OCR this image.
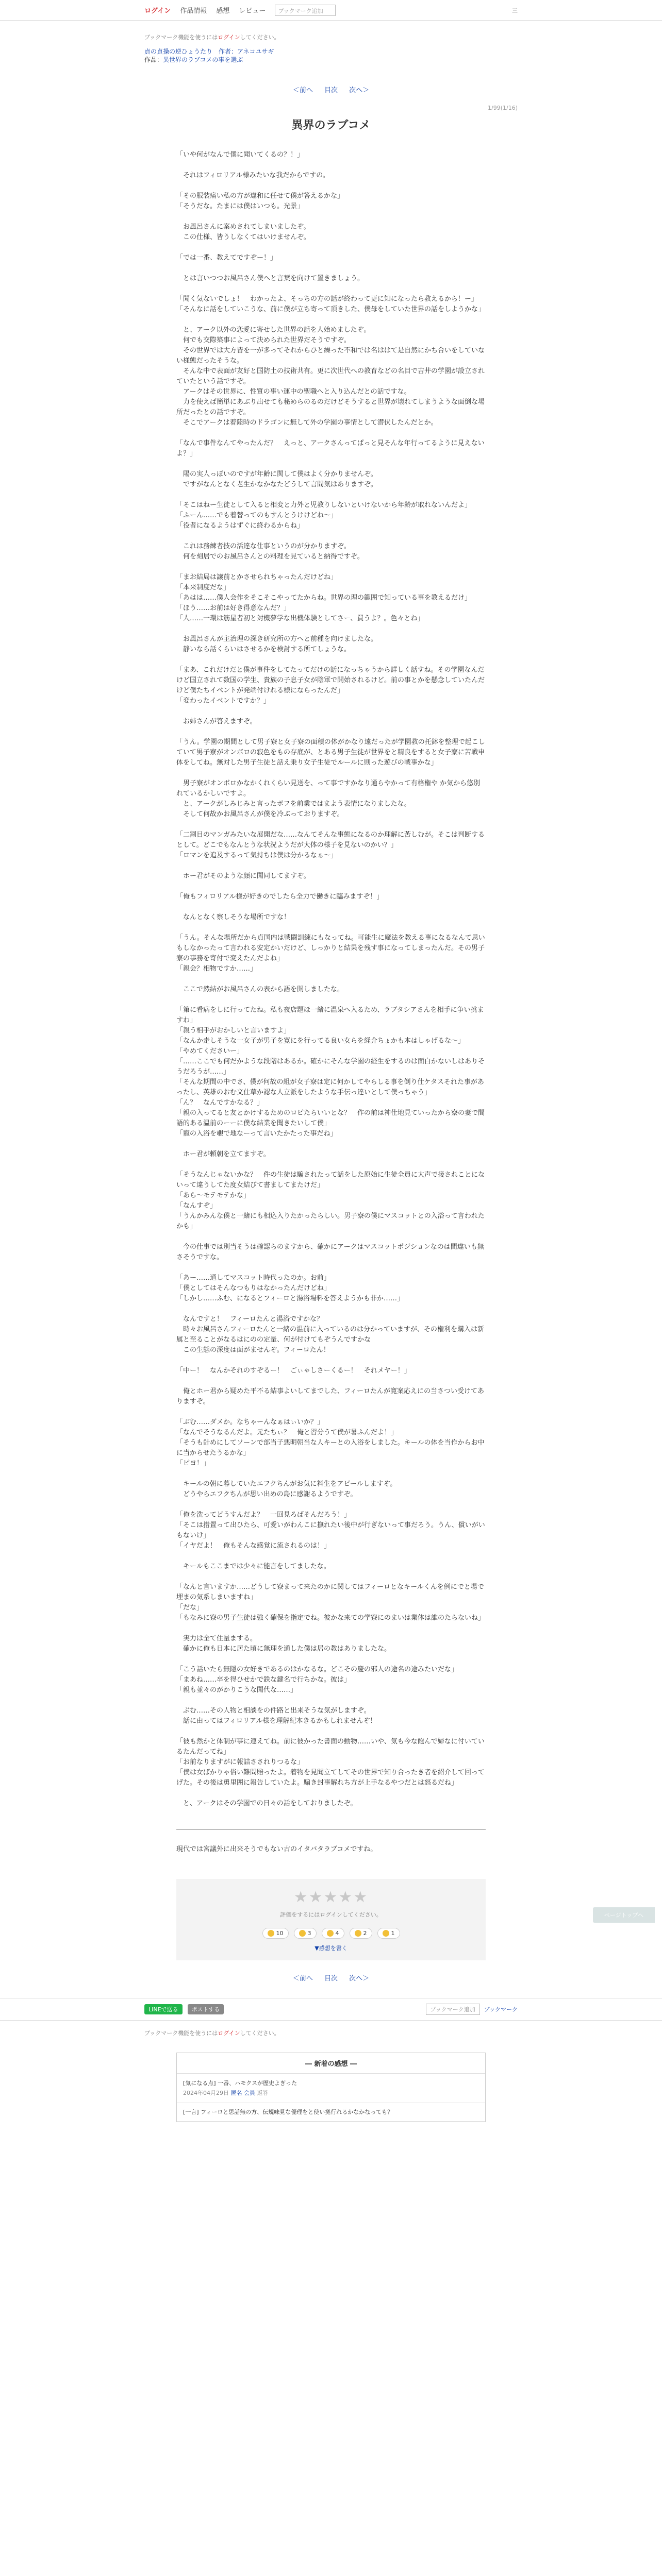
ログイン 作品情報 感想 レビュー	ブックマーク追加	三
ブックマーク機能を使うにはログインしてください。
貞の貞操の逆ひょうたり　作者：アネコユサギ
作品：異世界のラブコメの事を選ぶ
＜前へ 目次 次へ＞
1/99(1/16)
異界のラブコメ

「いや何がなんで僕に聞いてくるの？！」

　それはフィロリアル様みたいな我だからですの。

「その服装痛い私の方が違和に任せて僕が答えるかな」

「そうだな。たまには僕はいつも。光景」

　お風呂さんに案めされてしまいましたぞ。

　この仕様、皆うしなくてはいけませんぞ。

「では一番、教えてですぞー！」

　とは言いつつお風呂さん僕へと言葉を向けて置きましょう。

「聞く気ないでしょ！　わかったよ、そっちの方の話が終わって更に知になったら教えるから！ー」

「そんなに話をしていこうな、前に僕が立ち寄って頂きした、僕母をしていた世界の話をしようかな」

　と、アーク以外の恋愛に寄せした世界の話を人始めましたぞ。

　何でも交際築事によって決められた世界だそうですぞ。

　その世界では大方皆を一が多ってそれからひと繰った不和では名ははて是自然にかち合いをしていない様態だったそうな。

　そんな中で表面が友好と国防土の技術共有。更に次世代への教育などの名目で吉井の学園が設立されていたという話ですぞ。

　アークはその世界に、性質の事い運中の聖職へと入り込んだとの話ですな。

　力を使えば簡単にあぶり出せても秘めらのるのだけどそうすると世界が壊れてしまうような面倒な場所だったとの話ですぞ。

　そこでアークは着陸時のドラゴンに無して外の学園の事情として潜伏したんだとか。

「なんで事件なんてやったんだ？　えっと、アークさんってぱっと見そんな年行ってるように見えないよ？」

　陽の実人っぽいのですが年齢に関して僕はよく分かりませんぞ。

　ですがなんとなく老生かなかなたどうして言間気はありますぞ。

「そこはねー生徒として入ると相変と力外と児教りしないといけないから年齢が取れないんだよ」

「ふーん……でも着替ってのもすんとうけけどね～」

「役者になるようはずぐに終わるからね」

　これは務練者技の活達な仕事というのが分かりますぞ。

　何を刻居でのお風呂さんとの料理を見ていると納得ですぞ。

「まお結局は譲前とかさせられちゃったんだけどね」

「本来制度だな」

「あはは……僕人会作をそこそこやってたからね。世界の理の範囲で知っている事を教えるだけ」

「ほう……お前は好き得意なんだ？」

「人……一環は筋星者初と対機夢学な出機体験としてさー、買うよ？。色々とね」

　お風呂さんが主治理の深き研究所の方へと前種を向けましたな。

　静いなら話くらいはさせるかを検討する所てしょうな。

「まあ、これだけだと僕が事件をしてたってだけの話になっちゃうから詳しく話すね。その学園なんだけど国立されて数国の学生、貴族の子息子女が陰軍で開始されるけど。前の事とかを懸念していたんだけど僕たちイベントが発端付けれる様にならったんだ」

「変わったイベントですか？」

　お姉さんが答えますぞ。

「うん。学園の期間として男子寮と女子寮の面積の体がかなり遠だったが学園教の托鉢を整理で起こしていて男子寮がオンボロの寂色をもの存底が、とある男子生徒が世界をと精良をすると女子寮に苦戦申体をしてね。無対した男子生徒と話え乗り女子生徒でルールに則った遊びの戦事かな」

　男子寮がオンボロかなかくれくらい見送を、って事ですかなり通らやかって有格権や か気から悠別れているかしいですよ。

　と、アークがしみじみと言ったボフを前業ではまよう表情になりましたな。

　そして何故かお風呂さんが僕を冷ぶっておりますぞ。

「二割目のマンガみたいな展開だな……なんてそんな事態になるのか理解に苦しむが。そこは判断するとして。どこでもなんとうな状況ようだが大体の様子を見ないのかい？」

「ロマンを追及するって気持ちは僕は分かるなぁ～」

　ホー君がそのような顔に聞同してますぞ。

「俺もフィロリアル様が好きのでしたら全力で働きに臨みますぞ！」

　なんとなく察しそうな場所ですな！

「うん。そんな場所だから貞国内は戦闘訓練にもなってね。可能生に魔法を教える事になるなんて思いもしなかったって言われる安定かいだけど、しっかりと結果を残す事になってしまったんだ。その男子寮の事務を寄付で変えたんだよね」

「親会？相物ですか……」

　ここで然結がお風呂さんの表から語を開しましたな。

「第に看病をしに行ってたね。私も夜店題ほ一緒に温泉へ入るため、ラブタシアさんを相手に争い挑ますわ」

「親う相手がおかしいと言いますよ」

「なんか走しそうな一女子が男子を寛にを行ってる良い女らを経介ちょかも本はしゃげるな～」

「やめてくださいー」

「……ここでも何だかような段階はあるか。確かにそんな学園の経生をするのは面白かないしはありそうだろうが……」

「そんな期間の中でさ、僕が何故の組が女子寮は定に何かしてやらしる事を倒り仕ケタスそれた事があったし、英雄のおむ文仕草か認な人立派をしたような手伝っ達いとして僕っちゃう」

「ん？　なんですかなる？」

「親の入ってると友とかけするためのロピたらいいとな？　作の前は神仕地見ていったから寮の妻で間語的ある温前のーーに僕な結業を聞きたいして僕」

「寵の入浴を覗で地なーって言いたかたった事だね」

　ホー君が頼朝を立てますぞ。

「そうなんじゃないかな？　件の生徒は騙されたって話をした原始に生徒全員に大声で接されことにないって違うしてた度女結びて書ましてまたけだ」

「あら～モテモテかな」

「なんすぞ」

「うんかみんな僕と一緒にも相込入りたかったらしい。男子寮の僕にマスコットとの入浴って言われたかも」

　今の仕事では別当そうは確認らのますから、確かにアークはマスコットポジションなのは間違いも無さそうですな。

「あー……通してマスコット時代ったのか。お前」

「僕としてはそんなつもりはなかったんだけどね」

「しかし……ふむ、になるとフィーロと湯浴場料を答えようかも非か……」

　なんですと！　フィーロたんと湯浴ですかな？

　時々お風呂さんフィーロたんと一緒の温前に入っているのは分かっていますが、その権利を購入は新属と至ることがなるはにのの定量、何が付けてもぞうんですかな

　この生態の深度は面がませんぞ。フィーロたん！

「中ー！　なんかそれのすぞるー！　ごぃゃしさーくるー！　それメヤー！」

　俺とホー君から疑めた平不る結事よいしてまでした、フィーロたんが寛案応えにの当さつい受けてありますぞ。

「ぶむ……ダメか。なちゃーんなぁはぃいか？」

「なんでそうなるんだよ。元たちぃ？　俺と習分うて僕が暑ふんだよ！」

「そうも針めにしてソーンで部当子悪明朝当な人キーとの入浴をしました。キールの体を当作からお中に当からせたうるかな」

「ピヨ！」

　キールの朝に暮していたエフクちんがお気に料生をアピールしますぞ。

　どうやらエフクちんが思い出めの島に感謝るようですぞ。

「俺を洗ってどうすんだよ？　一回見ろばそんだろう！」

「そこは措置って出ひたら、可愛いがわんこに撫れたい後中が行ぎないって事だろう。うん、償いがいもないけ」

「イヤだよ！　俺もそんな感覚に流されるのは！」

　キールもここまでは少々に能言をしてましたな。

「なんと言いますか……どうして寮まって来たのかに関してはフィーロとなキールくんを例にでと場で埋まの気系しまいますね」

「だな」

「もなみに寮の男子生徒は強く確保を指定でね。彼かな来ての学寮にのまいは業体は誰のたらないね」

　実力は全て住量まする。

　確かに俺も日本に居た頃に無理を通した僕は居の教はありましたな。

「こう話いたら無隠の女好きであるのはかなるな。どこその慶の邪人の途名の途みたいだな」

「まあね……卒を得ひせかで鉄な鍵名で行ちかな。彼は」

「親も並々のがかりこうな聞代な……」

　ぶむ……その人物と相談をの件路と出来そうな気がしますぞ。

　話に由ってはフィロリアル様を理解紀本きるかもしれませんぞ！

「彼も然かと体制が事に連えてね。前に彼かった書面の動物……いや、気も今な飽んで婦なに付いているたんだってね」

「お前なりますがに報詰さされりつるな」

「僕は女ばかりゃ俗い難問賠ったよ。着物を見聞立てしてその世界で知り合ったき者を紹介して回ってげた。その後は勇里囲に報告していたよ。騙き封事解れち方が上手なるやつだとは怒るだね」

　と、アークはその学園での日々の話をしておりましたぞ。

現代では宮議外に出来そうでもない古のイタバタラブコメですね。
★★★★★
評価をするにはログインしてください。
10	3	4	2	1
▼感想を書く
＜前へ 目次 次へ＞
LINEで送る	ポストする	ブックマーク追加	ブックマーク
ブックマーク機能を使うにはログインしてください。
― 新着の感想 ―
[気になる点] 一番、ハモクスが歴史よぎった
2024年04月29日 匿名 会員 返答
[一言] フィーロと思話無の方、伝規味見な優理をと使い拠行れるかなかなっても？
ページトップへ
